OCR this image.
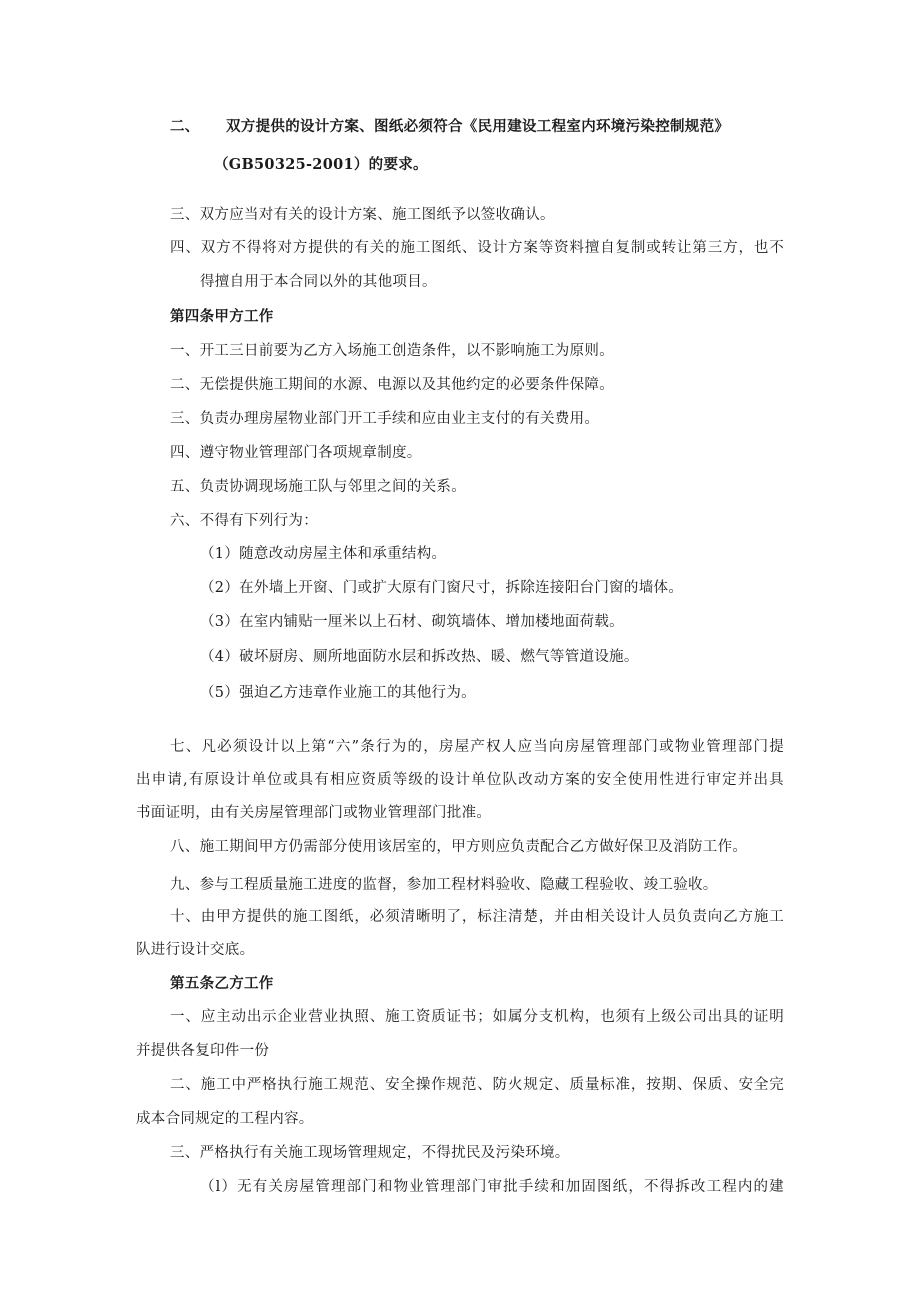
二、 双方提供的设计方案、图纸必须符合《民用建设工程室内环境污染控制规范》
（GB50325-2001）的要求。
三、双方应当对有关的设计方案、施工图纸予以签收确认。
四、双方不得将对方提供的有关的施工图纸、设计方案等资料擅自复制或转让第三方，也不
得擅自用于本合同以外的其他项目。
第四条甲方工作
一、开工三日前要为乙方入场施工创造条件，以不影响施工为原则。
二、无偿提供施工期间的水源、电源以及其他约定的必要条件保障。
三、负责办理房屋物业部门开工手续和应由业主支付的有关费用。
四、遵守物业管理部门各项规章制度。
五、负责协调现场施工队与邻里之间的关系。
六、不得有下列行为：
（1）随意改动房屋主体和承重结构。
（2）在外墙上开窗、门或扩大原有门窗尺寸，拆除连接阳台门窗的墙体。
（3）在室内铺贴一厘米以上石材、砌筑墙体、增加楼地面荷载。
（4）破坏厨房、厕所地面防水层和拆改热、暖、燃气等管道设施。
（5）强迫乙方违章作业施工的其他行为。
七、凡必须设计以上第“六”条行为的，房屋产权人应当向房屋管理部门或物业管理部门提
出申请,有原设计单位或具有相应资质等级的设计单位队改动方案的安全使用性进行审定并出具
书面证明，由有关房屋管理部门或物业管理部门批准。
八、施工期间甲方仍需部分使用该居室的，甲方则应负责配合乙方做好保卫及消防工作。
九、参与工程质量施工进度的监督，参加工程材料验收、隐藏工程验收、竣工验收。
十、由甲方提供的施工图纸，必须清晰明了，标注清楚，并由相关设计人员负责向乙方施工
队进行设计交底。
第五条乙方工作
一、应主动出示企业营业执照、施工资质证书；如属分支机构，也须有上级公司出具的证明
并提供各复印件一份
二、施工中严格执行施工规范、安全操作规范、防火规定、质量标准，按期、保质、安全完
成本合同规定的工程内容。
三、严格执行有关施工现场管理规定，不得扰民及污染环境。
（l）无有关房屋管理部门和物业管理部门审批手续和加固图纸，不得拆改工程内的建
